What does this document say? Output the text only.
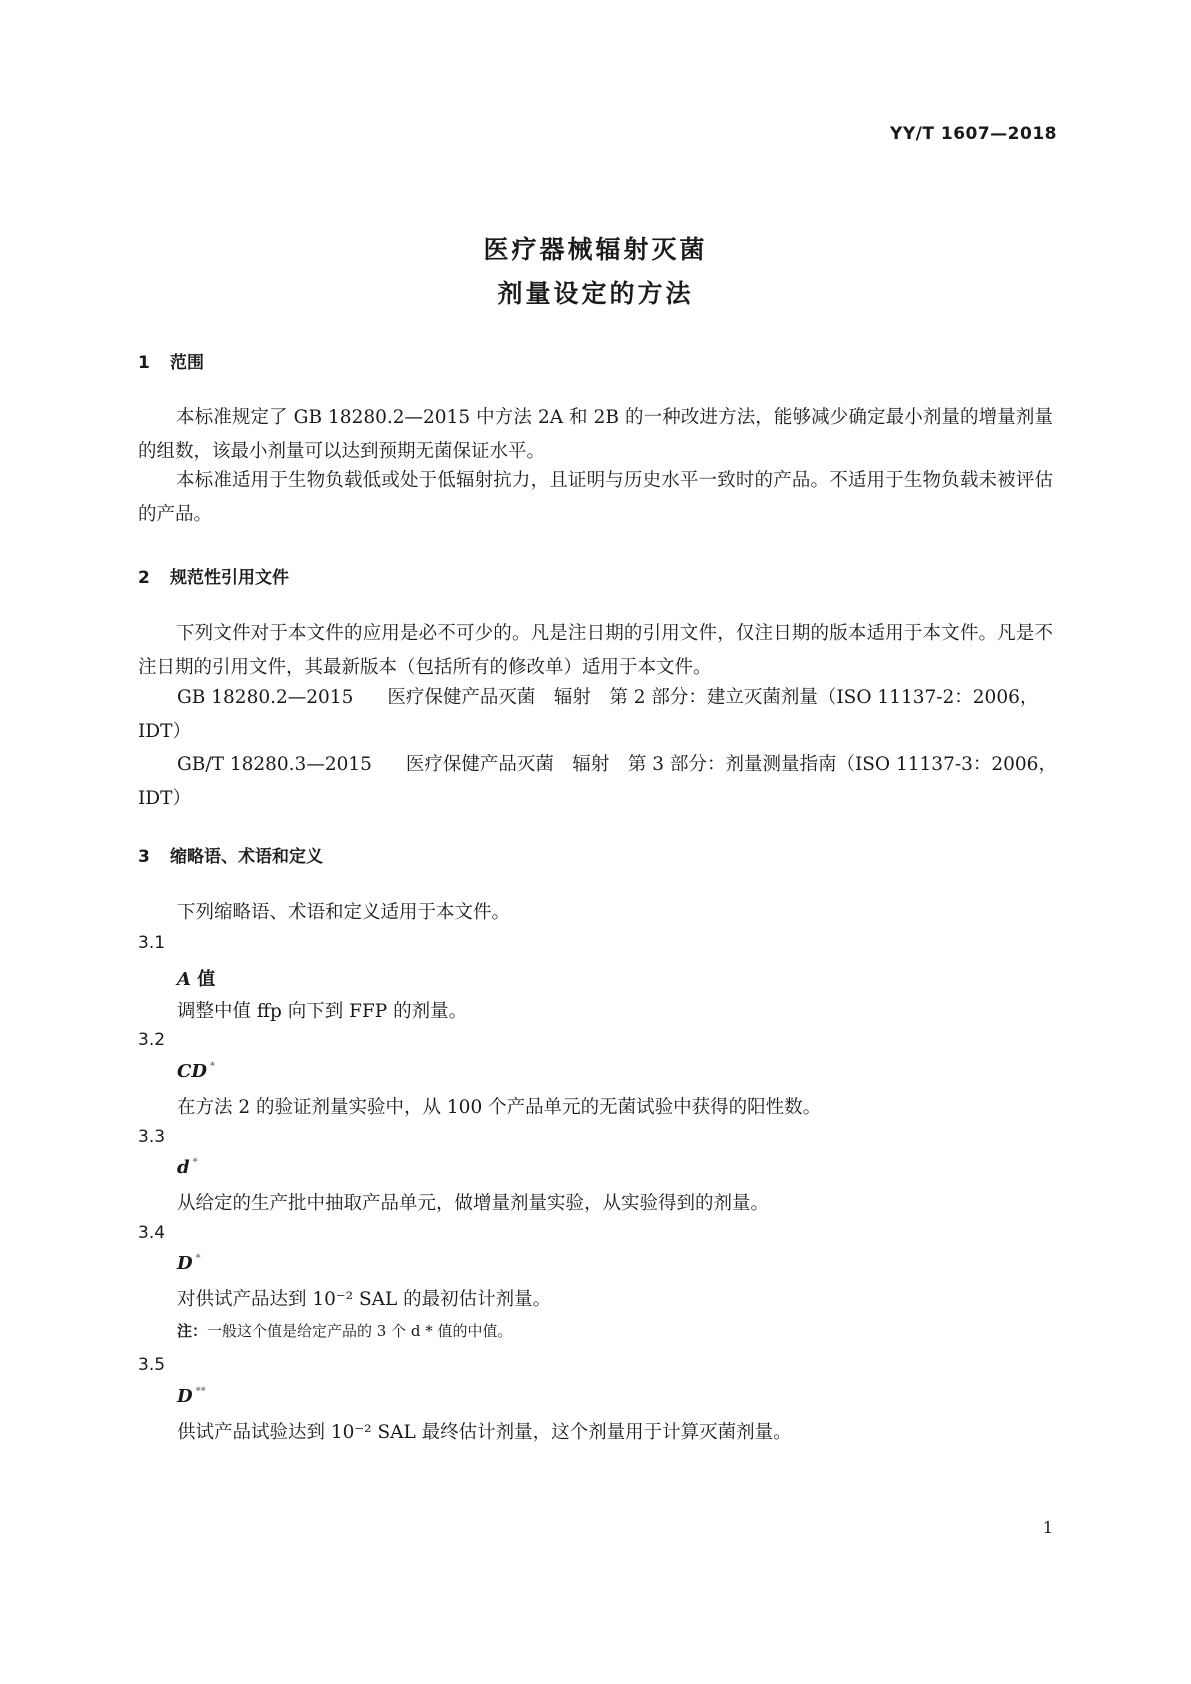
YY/T 1607—2018
医疗器械辐射灭菌
剂量设定的方法
1 范围
本标准规定了 GB 18280.2—2015 中方法 2A 和 2B 的一种改进方法，能够减少确定最小剂量的增量剂量的组数，该最小剂量可以达到预期无菌保证水平。
本标准适用于生物负载低或处于低辐射抗力，且证明与历史水平一致时的产品。不适用于生物负载未被评估的产品。
2 规范性引用文件
下列文件对于本文件的应用是必不可少的。凡是注日期的引用文件，仅注日期的版本适用于本文件。凡是不注日期的引用文件，其最新版本（包括所有的修改单）适用于本文件。
GB 18280.2—2015 医疗保健产品灭菌　辐射　第 2 部分：建立灭菌剂量（ISO 11137-2：2006，
IDT）
GB/T 18280.3—2015 医疗保健产品灭菌　辐射　第 3 部分：剂量测量指南（ISO 11137-3：2006，
IDT）
3 缩略语、术语和定义
下列缩略语、术语和定义适用于本文件。
3.1
A 值
调整中值 ffp 向下到 FFP 的剂量。
3.2
CD *
在方法 2 的验证剂量实验中，从 100 个产品单元的无菌试验中获得的阳性数。
3.3
d *
从给定的生产批中抽取产品单元，做增量剂量实验，从实验得到的剂量。
3.4
D *
对供试产品达到 10⁻² SAL 的最初估计剂量。
注：一般这个值是给定产品的 3 个 d * 值的中值。
3.5
D **
供试产品试验达到 10⁻² SAL 最终估计剂量，这个剂量用于计算灭菌剂量。
1
